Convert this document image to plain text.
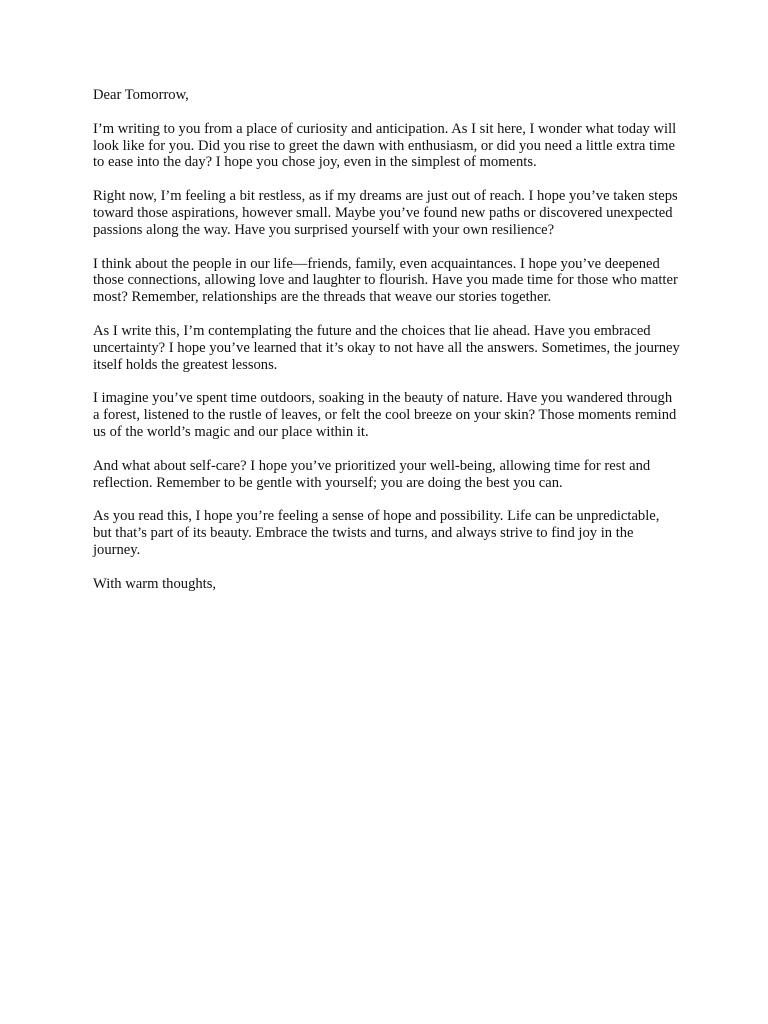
Dear Tomorrow,

I’m writing to you from a place of curiosity and anticipation. As I sit here, I wonder what today will look like for you. Did you rise to greet the dawn with enthusiasm, or did you need a little extra time to ease into the day? I hope you chose joy, even in the simplest of moments.

Right now, I’m feeling a bit restless, as if my dreams are just out of reach. I hope you’ve taken steps toward those aspirations, however small. Maybe you’ve found new paths or discovered unexpected passions along the way. Have you surprised yourself with your own resilience?

I think about the people in our life—friends, family, even acquaintances. I hope you’ve deepened those connections, allowing love and laughter to flourish. Have you made time for those who matter most? Remember, relationships are the threads that weave our stories together.

As I write this, I’m contemplating the future and the choices that lie ahead. Have you embraced uncertainty? I hope you’ve learned that it’s okay to not have all the answers. Sometimes, the journey itself holds the greatest lessons.

I imagine you’ve spent time outdoors, soaking in the beauty of nature. Have you wandered through a forest, listened to the rustle of leaves, or felt the cool breeze on your skin? Those moments remind us of the world’s magic and our place within it.

And what about self-care? I hope you’ve prioritized your well-being, allowing time for rest and reflection. Remember to be gentle with yourself; you are doing the best you can.

As you read this, I hope you’re feeling a sense of hope and possibility. Life can be unpredictable, but that’s part of its beauty. Embrace the twists and turns, and always strive to find joy in the journey.

With warm thoughts,
